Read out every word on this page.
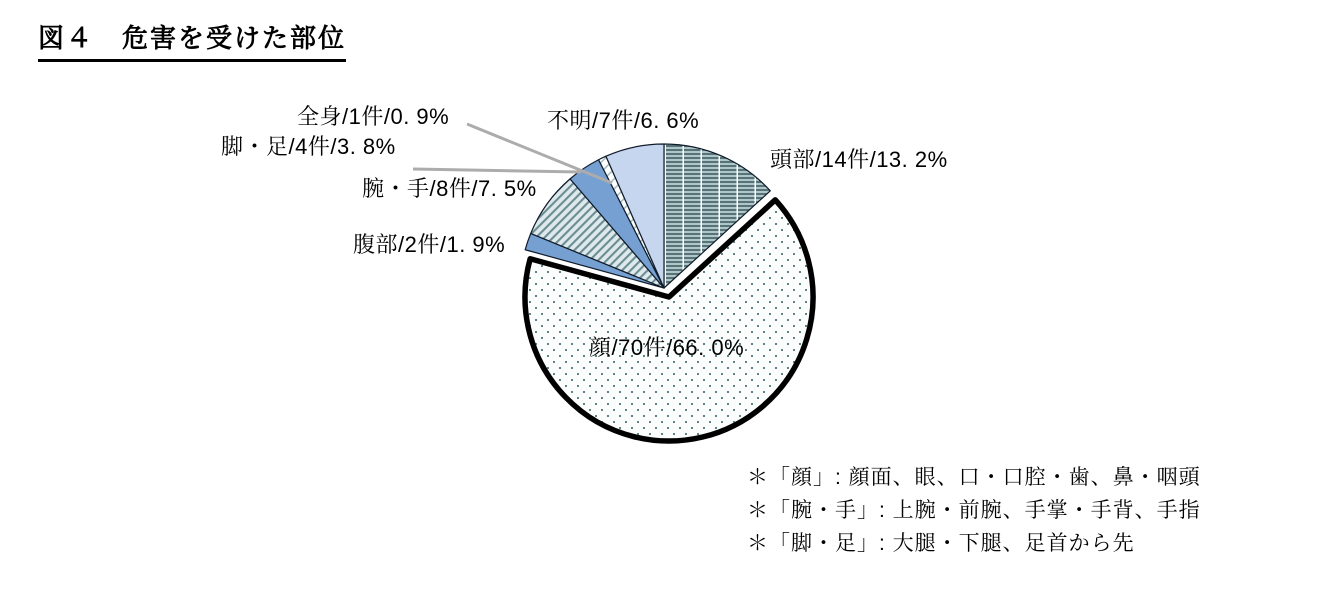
図４　危害を受けた部位
全身/1件/0. 9%
脚・足/4件/3. 8%
腕・手/8件/7. 5%
腹部/2件/1. 9%
不明/7件/6. 6%
頭部/14件/13. 2%
顔/70件/66. 0%
＊「顔」: 顔面、眼、口・口腔・歯、鼻・咽頭
＊「腕・手」: 上腕・前腕、手掌・手背、手指
＊「脚・足」: 大腿・下腿、足首から先
